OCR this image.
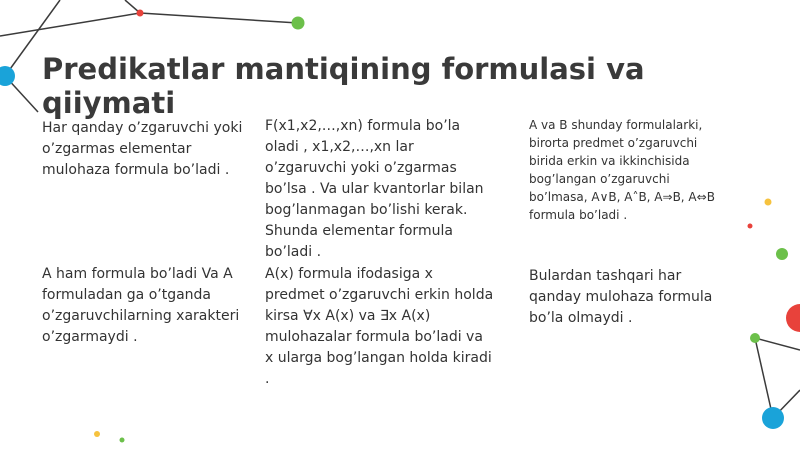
Predikatlar mantiqining formulasi va qiiymati

Har qanday o’zgaruvchi yoki o’zgarmas elementar mulohaza formula bo’ladi .

F(x1,x2,…,xn) formula bo’la oladi , x1,x2,…,xn lar o’zgaruvchi yoki o’zgarmas bo’lsa . Va ular kvantorlar bilan bog’lanmagan bo’lishi kerak. Shunda elementar formula bo’ladi .

A va B shunday formulalarki, birorta predmet o’zgaruvchi birida erkin va ikkinchisida bog’langan o’zgaruvchi bo’lmasa, A∨B, A˄B, A⇒B, A⇔B formula bo’ladi .

A ham formula bo’ladi Va A formuladan ga o’tganda o’zgaruvchilarning xarakteri o’zgarmaydi .

A(x) formula ifodasiga x predmet o’zgaruvchi erkin holda kirsa ∀x A(x) va ∃x A(x) mulohazalar formula bo’ladi va x ularga bog’langan holda kiradi .

Bulardan tashqari har qanday mulohaza formula bo’la olmaydi .
